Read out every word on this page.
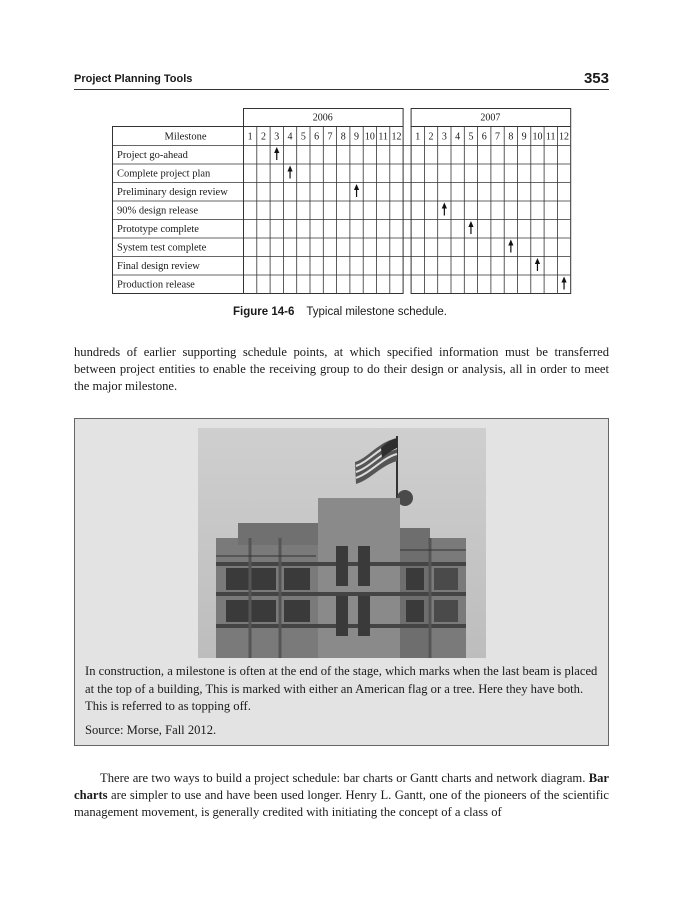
Project Planning Tools	353
2006	2007
1 2 3 4 5 6 7 8 9 10 11 12 1 2 3 4 5 6 7 8 9 10 11 12
Milestone
Project go-ahead
Complete project plan
Preliminary design review
90% design release
Prototype complete
System test complete
Final design review
Production release
Figure 14-6 Typical milestone schedule.
hundreds of earlier supporting schedule points, at which specified information must be transferred between project entities to enable the receiving group to do their design or analysis, all in order to meet the major milestone.
In construction, a milestone is often at the end of the stage, which marks when the last beam is placed at the top of a building, This is marked with either an American flag or a tree. Here they have both. This is referred to as topping off.
Source: Morse, Fall 2012.
There are two ways to build a project schedule: bar charts or Gantt charts and network diagram. Bar charts are simpler to use and have been used longer. Henry L. Gantt, one of the pioneers of the scientific management movement, is generally credited with initiating the concept of a class of
